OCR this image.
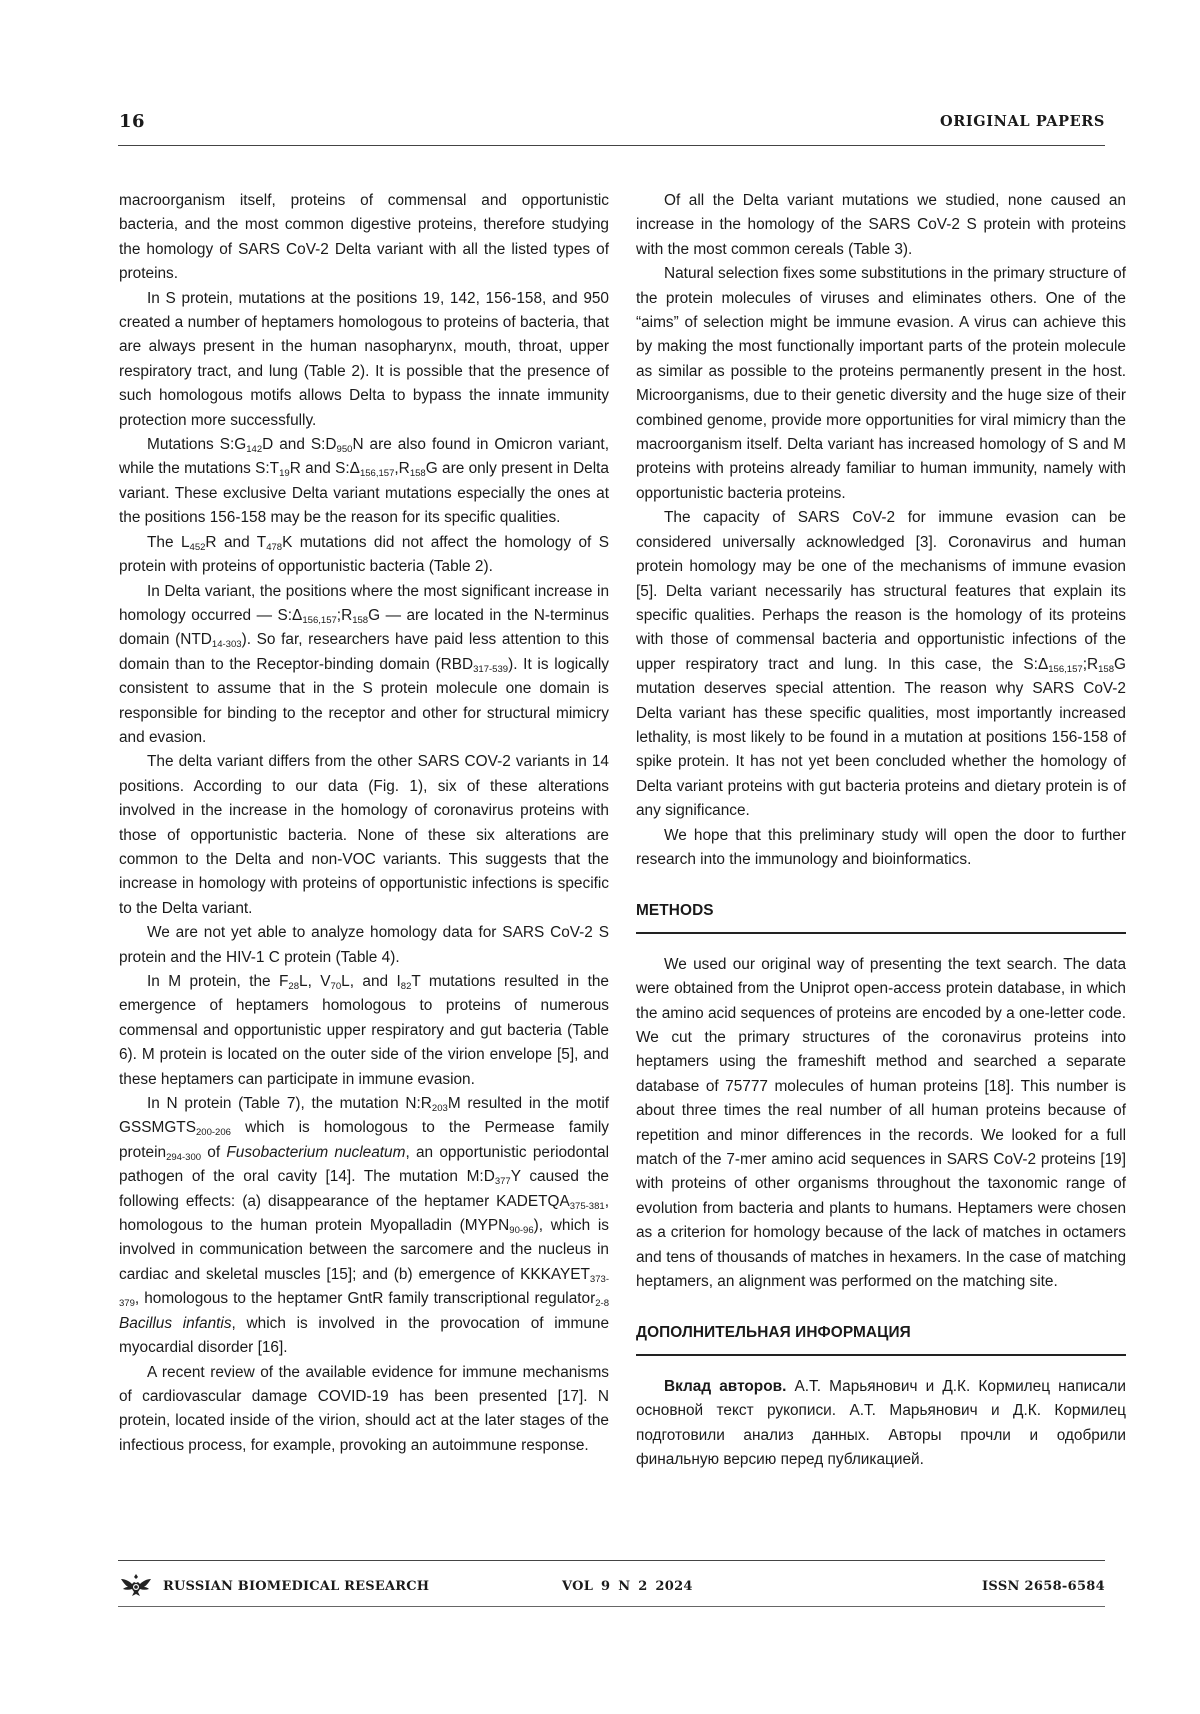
16	ORIGINAL PAPERS

macroorganism itself, proteins of commensal and opportunistic bacteria, and the most common digestive proteins, therefore studying the homology of SARS CoV-2 Delta variant with all the listed types of proteins.

In S protein, mutations at the positions 19, 142, 156-158, and 950 created a number of heptamers homologous to proteins of bacteria, that are always present in the human nasopharynx, mouth, throat, upper respiratory tract, and lung (Table 2). It is possible that the presence of such homologous motifs allows Delta to bypass the innate immunity protection more successfully.

Mutations $S:G_{142}D$ and $S:D_{950}N$ are also found in Omicron variant, while the mutations $S:T_{19}R$ and $S:\Delta_{156,157},R_{158}G$ are only present in Delta variant. These exclusive Delta variant mutations especially the ones at the positions 156-158 may be the reason for its specific qualities.

The $L_{452}R$ and $T_{478}K$ mutations did not affect the homology of S protein with proteins of opportunistic bacteria (Table 2).

In Delta variant, the positions where the most significant increase in homology occurred — $S:\Delta_{156,157};R_{158}G$ — are located in the N-terminus domain $(NTD_{14-303})$. So far, researchers have paid less attention to this domain than to the Receptor-binding domain $(RBD_{317-539})$. It is logically consistent to assume that in the S protein molecule one domain is responsible for binding to the receptor and other for structural mimicry and evasion.

The delta variant differs from the other SARS COV-2 variants in 14 positions. According to our data (Fig. 1), six of these alterations involved in the increase in the homology of coronavirus proteins with those of opportunistic bacteria. None of these six alterations are common to the Delta and non-VOC variants. This suggests that the increase in homology with proteins of opportunistic infections is specific to the Delta variant.

We are not yet able to analyze homology data for SARS CoV-2 S protein and the HIV-1 C protein (Table 4).

In M protein, the $F_{28}L$, $V_{70}L$, and $I_{82}T$ mutations resulted in the emergence of heptamers homologous to proteins of numerous commensal and opportunistic upper respiratory and gut bacteria (Table 6). M protein is located on the outer side of the virion envelope [5], and these heptamers can participate in immune evasion.

In N protein (Table 7), the mutation $N:R_{203}M$ resulted in the motif $GSSMGTS_{200-206}$ which is homologous to the Permease family protein$_{294-300}$ of Fusobacterium nucleatum, an opportunistic periodontal pathogen of the oral cavity [14]. The mutation $M:D_{377}Y$ caused the following effects: (a) disappearance of the heptamer $KADETQA_{375-381}$, homologous to the human protein Myopalladin $(MYPN_{90-96})$, which is involved in communication between the sarcomere and the nucleus in cardiac and skeletal muscles [15]; and (b) emergence of $KKKAYET_{373-379}$, homologous to the heptamer GntR family transcriptional regulator$_{2-8}$ Bacillus infantis, which is involved in the provocation of immune myocardial disorder [16].

A recent review of the available evidence for immune mechanisms of cardiovascular damage COVID-19 has been presented [17]. N protein, located inside of the virion, should act at the later stages of the infectious process, for example, provoking an autoimmune response.

Of all the Delta variant mutations we studied, none caused an increase in the homology of the SARS CoV-2 S protein with proteins with the most common cereals (Table 3).

Natural selection fixes some substitutions in the primary structure of the protein molecules of viruses and eliminates others. One of the “aims” of selection might be immune evasion. A virus can achieve this by making the most functionally important parts of the protein molecule as similar as possible to the proteins permanently present in the host. Microorganisms, due to their genetic diversity and the huge size of their combined genome, provide more opportunities for viral mimicry than the macroorganism itself. Delta variant has increased homology of S and M proteins with proteins already familiar to human immunity, namely with opportunistic bacteria proteins.

The capacity of SARS CoV-2 for immune evasion can be considered universally acknowledged [3]. Coronavirus and human protein homology may be one of the mechanisms of immune evasion [5]. Delta variant necessarily has structural features that explain its specific qualities. Perhaps the reason is the homology of its proteins with those of commensal bacteria and opportunistic infections of the upper respiratory tract and lung. In this case, the $S:\Delta_{156,157};R_{158}G$ mutation deserves special attention. The reason why SARS CoV-2 Delta variant has these specific qualities, most importantly increased lethality, is most likely to be found in a mutation at positions 156-158 of spike protein. It has not yet been concluded whether the homology of Delta variant proteins with gut bacteria proteins and dietary protein is of any significance.

We hope that this preliminary study will open the door to further research into the immunology and bioinformatics.

METHODS

We used our original way of presenting the text search. The data were obtained from the Uniprot open-access protein database, in which the amino acid sequences of proteins are encoded by a one-letter code. We cut the primary structures of the coronavirus proteins into heptamers using the frameshift method and searched a separate database of 75777 molecules of human proteins [18]. This number is about three times the real number of all human proteins because of repetition and minor differences in the records. We looked for a full match of the 7-mer amino acid sequences in SARS CoV-2 proteins [19] with proteins of other organisms throughout the taxonomic range of evolution from bacteria and plants to humans. Heptamers were chosen as a criterion for homology because of the lack of matches in octamers and tens of thousands of matches in hexamers. In the case of matching heptamers, an alignment was performed on the matching site.

ДОПОЛНИТЕЛЬНАЯ ИНФОРМАЦИЯ

Вклад авторов. А.Т. Марьянович и Д.К. Кормилец написали основной текст рукописи. А.Т. Марьянович и Д.К. Кормилец подготовили анализ данных. Авторы прочли и одобрили финальную версию перед публикацией.

RUSSIAN BIOMEDICAL RESEARCH	VOL 9 N 2 2024	ISSN 2658-6584
